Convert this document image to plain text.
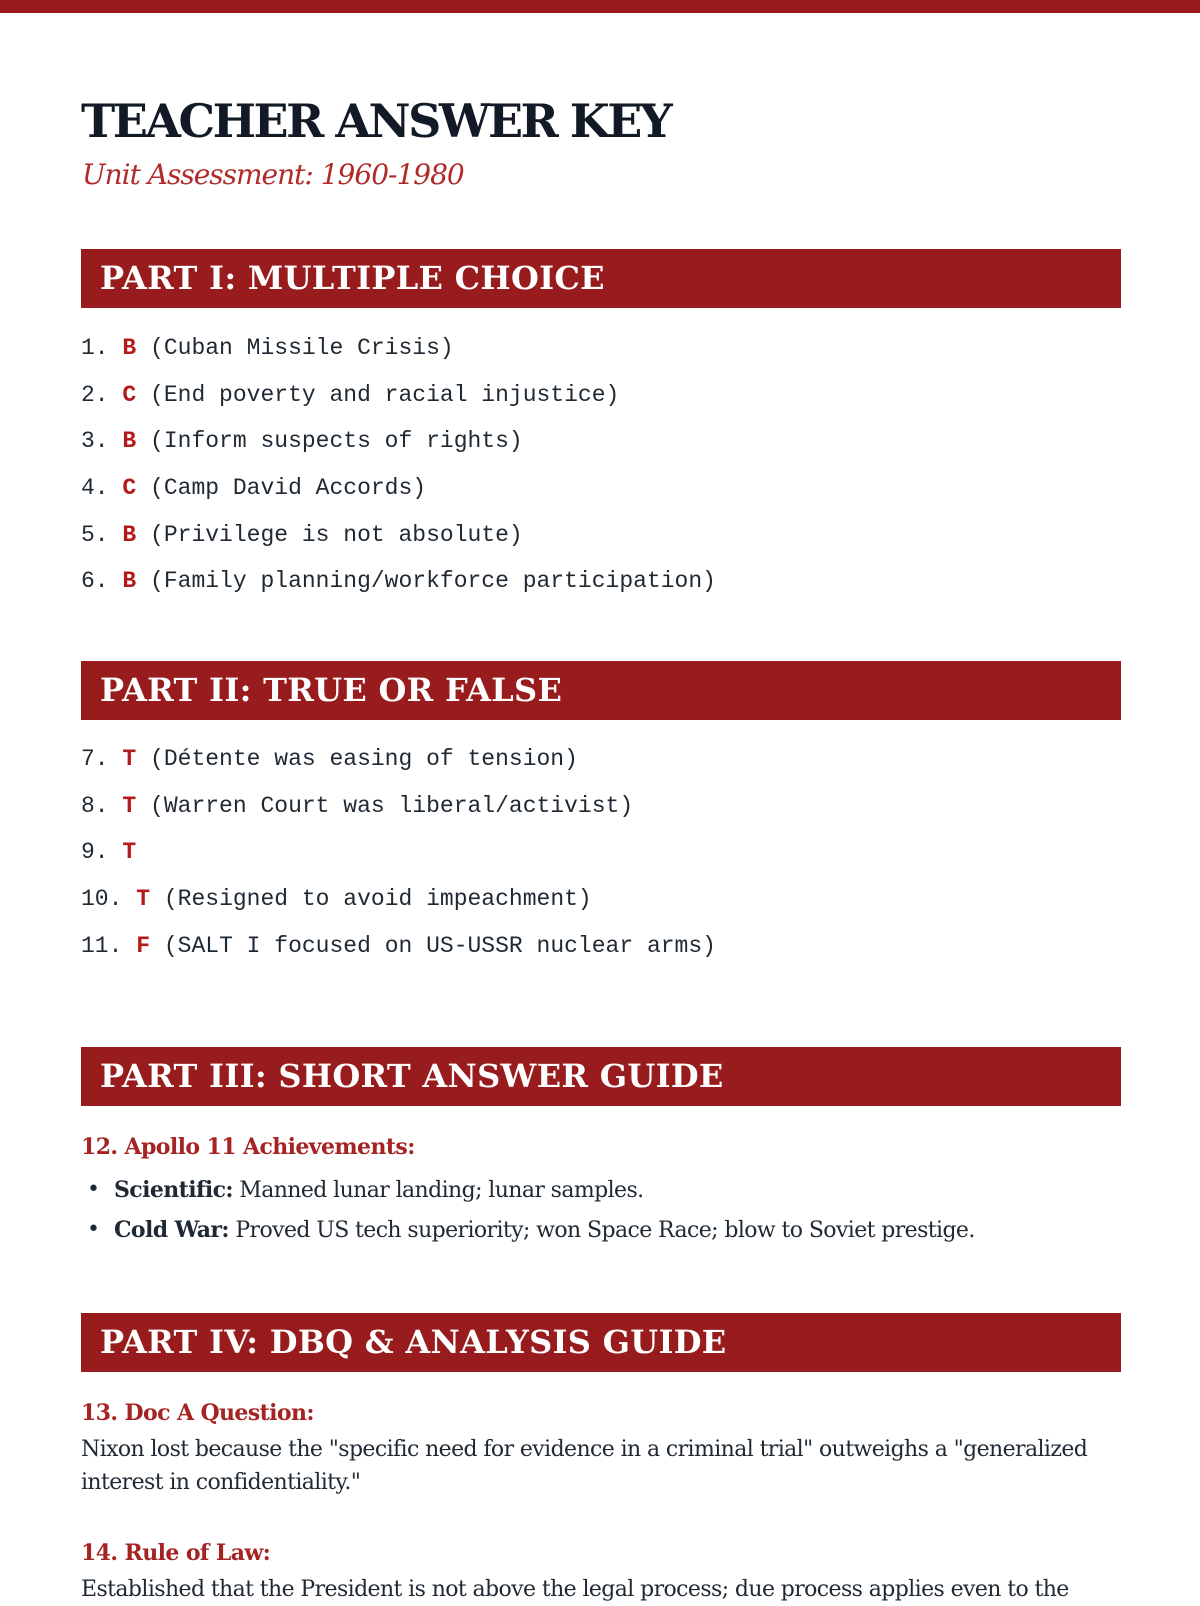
TEACHER ANSWER KEY

Unit Assessment: 1960-1980

PART I: MULTIPLE CHOICE
1. B (Cuban Missile Crisis)
2. C (End poverty and racial injustice)
3. B (Inform suspects of rights)
4. C (Camp David Accords)
5. B (Privilege is not absolute)
6. B (Family planning/workforce participation)
PART II: TRUE OR FALSE
7. T (Détente was easing of tension)
8. T (Warren Court was liberal/activist)
9. T
10. T (Resigned to avoid impeachment)
11. F (SALT I focused on US-USSR nuclear arms)
PART III: SHORT ANSWER GUIDE

12. Apollo 11 Achievements:

• Scientific: Manned lunar landing; lunar samples.
• Cold War: Proved US tech superiority; won Space Race; blow to Soviet prestige.
PART IV: DBQ & ANALYSIS GUIDE

13. Doc A Question:

Nixon lost because the "specific need for evidence in a criminal trial" outweighs a "generalized interest in confidentiality."

14. Rule of Law:

Established that the President is not above the legal process; due process applies even to the
